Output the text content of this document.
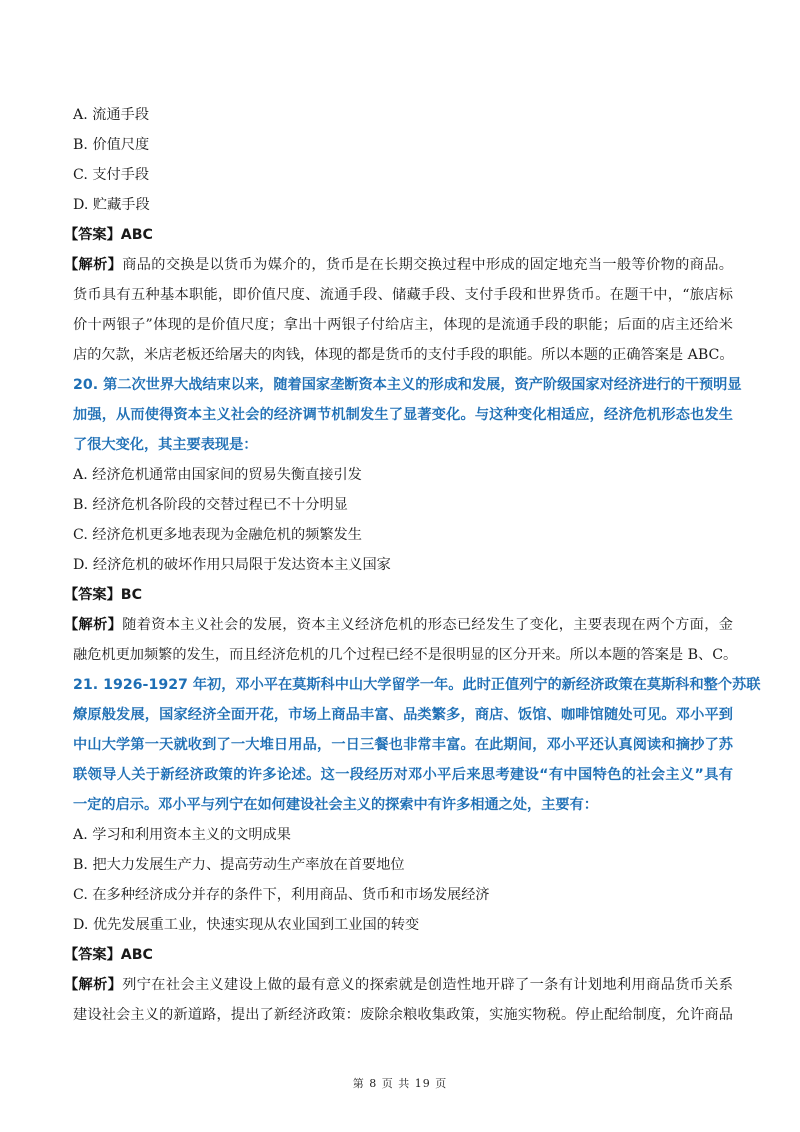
A. 流通手段
B. 价值尺度
C. 支付手段
D. 贮藏手段
【答案】ABC
【解析】商品的交换是以货币为媒介的，货币是在长期交换过程中形成的固定地充当一般等价物的商品。
货币具有五种基本职能，即价值尺度、流通手段、储藏手段、支付手段和世界货币。在题干中，“旅店标
价十两银子”体现的是价值尺度；拿出十两银子付给店主，体现的是流通手段的职能；后面的店主还给米
店的欠款，米店老板还给屠夫的肉钱，体现的都是货币的支付手段的职能。所以本题的正确答案是 ABC。
20. 第二次世界大战结束以来，随着国家垄断资本主义的形成和发展，资产阶级国家对经济进行的干预明显
加强，从而使得资本主义社会的经济调节机制发生了显著变化。与这种变化相适应，经济危机形态也发生
了很大变化，其主要表现是：
A. 经济危机通常由国家间的贸易失衡直接引发
B. 经济危机各阶段的交替过程已不十分明显
C. 经济危机更多地表现为金融危机的频繁发生
D. 经济危机的破坏作用只局限于发达资本主义国家
【答案】BC
【解析】随着资本主义社会的发展，资本主义经济危机的形态已经发生了变化，主要表现在两个方面，金
融危机更加频繁的发生，而且经济危机的几个过程已经不是很明显的区分开来。所以本题的答案是 B、C。
21. 1926-1927 年初，邓小平在莫斯科中山大学留学一年。此时正值列宁的新经济政策在莫斯科和整个苏联
燎原般发展，国家经济全面开花，市场上商品丰富、品类繁多，商店、饭馆、咖啡馆随处可见。邓小平到
中山大学第一天就收到了一大堆日用品，一日三餐也非常丰富。在此期间，邓小平还认真阅读和摘抄了苏
联领导人关于新经济政策的许多论述。这一段经历对邓小平后来思考建设“有中国特色的社会主义”具有
一定的启示。邓小平与列宁在如何建设社会主义的探索中有许多相通之处，主要有：
A. 学习和利用资本主义的文明成果
B. 把大力发展生产力、提高劳动生产率放在首要地位
C. 在多种经济成分并存的条件下，利用商品、货币和市场发展经济
D. 优先发展重工业，快速实现从农业国到工业国的转变
【答案】ABC
【解析】列宁在社会主义建设上做的最有意义的探索就是创造性地开辟了一条有计划地利用商品货币关系
建设社会主义的新道路，提出了新经济政策：废除余粮收集政策，实施实物税。停止配给制度，允许商品
第 8 页 共 19 页
